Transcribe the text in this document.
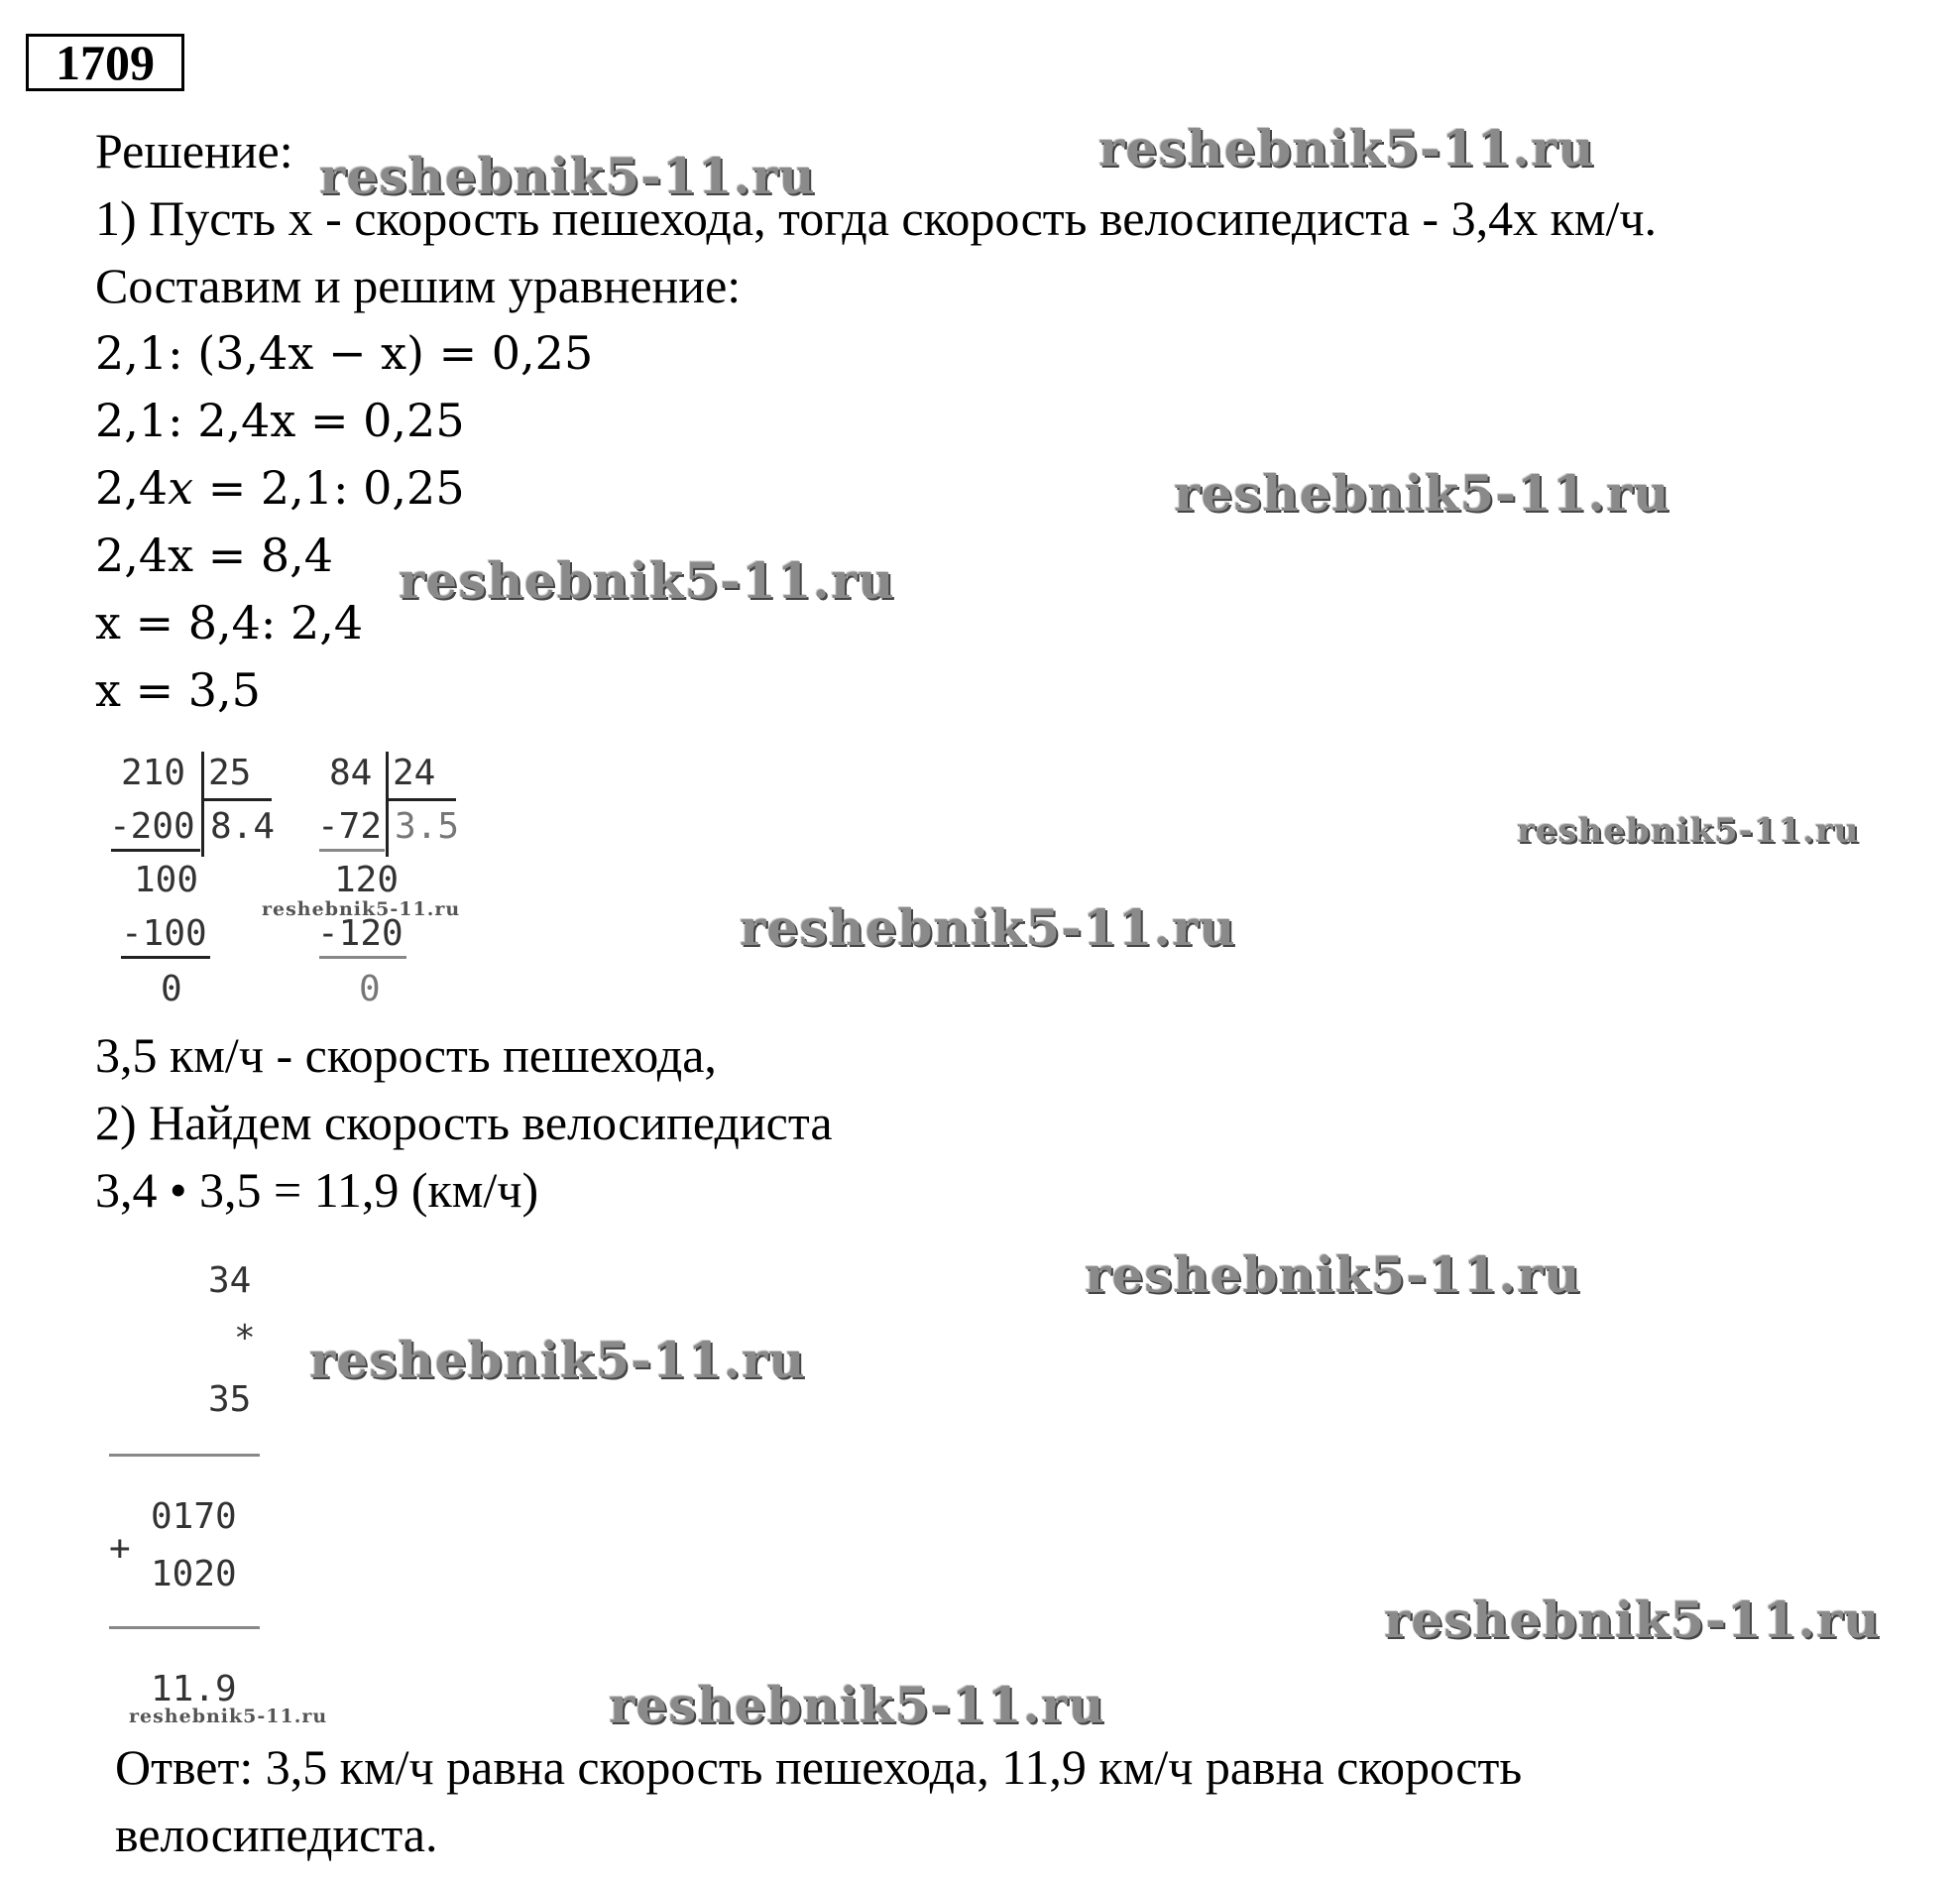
1709
Решение:
1) Пусть х - скорость пешехода, тогда скорость велосипедиста - 3,4х км/ч.
Составим и решим уравнение:
2,1: (3,4x − x) = 0,25
2,1: 2,4x = 0,25
2,4𝑥 = 2,1: 0,25
2,4x = 8,4
x = 8,4: 2,4
x = 3,5
210 25
-200 8.4
100
-100
0
84 24
-72 3.5
120
-120
0
3,5 км/ч - скорость пешехода,
2) Найдем скорость велосипедиста
3,4 • 3,5 = 11,9 (км/ч)
34
*
35
0170
+
1020
11.9
Ответ: 3,5 км/ч равна скорость пешехода, 11,9 км/ч равна скорость
велосипедиста.
reshebnik5-11.ru	reshebnik5-11.ru
reshebnik5-11.ru
reshebnik5-11.ru
reshebnik5-11.ru
reshebnik5-11.ru
reshebnik5-11.ru
reshebnik5-11.ru
reshebnik5-11.ru
reshebnik5-11.ru
reshebnik5-11.ru
reshebnik5-11.ru
